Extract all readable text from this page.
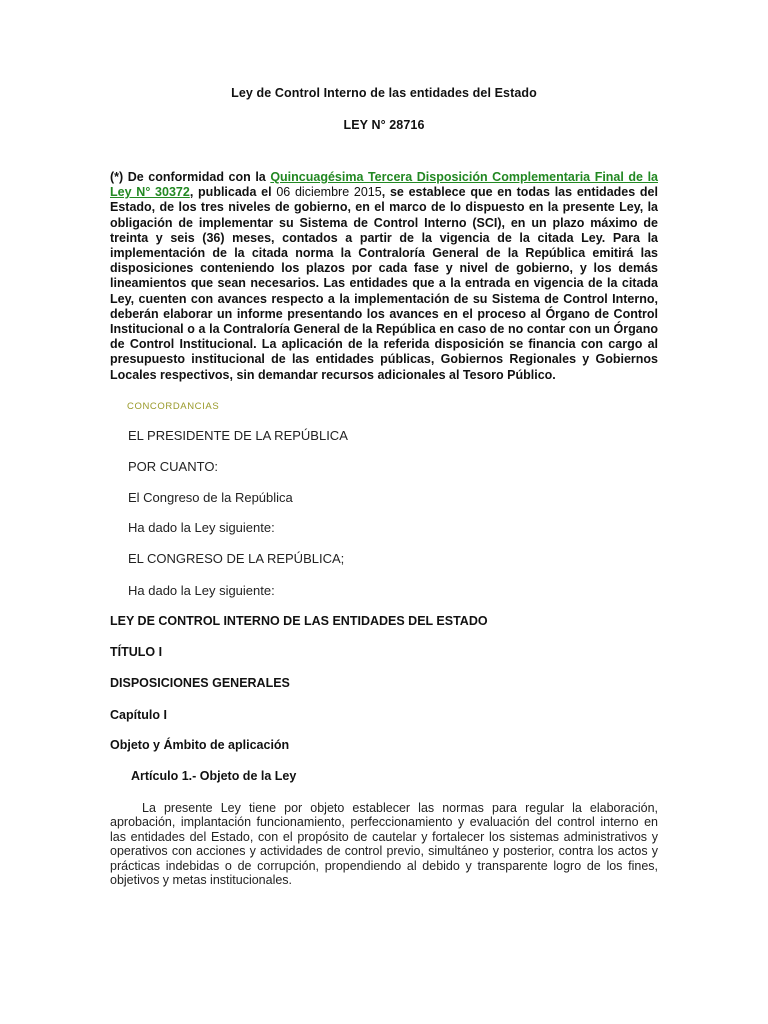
Ley de Control Interno de las entidades del Estado
LEY N° 28716

(*) De conformidad con la Quincuagésima Tercera Disposición Complementaria Final de la Ley N° 30372, publicada el 06 diciembre 2015, se establece que en todas las entidades del Estado, de los tres niveles de gobierno, en el marco de lo dispuesto en la presente Ley, la obligación de implementar su Sistema de Control Interno (SCI), en un plazo máximo de treinta y seis (36) meses, contados a partir de la vigencia de la citada Ley. Para la implementación de la citada norma la Contraloría General de la República emitirá las disposiciones conteniendo los plazos por cada fase y nivel de gobierno, y los demás lineamientos que sean necesarios. Las entidades que a la entrada en vigencia de la citada Ley, cuenten con avances respecto a la implementación de su Sistema de Control Interno, deberán elaborar un informe presentando los avances en el proceso al Órgano de Control Institucional o a la Contraloría General de la República en caso de no contar con un Órgano de Control Institucional. La aplicación de la referida disposición se financia con cargo al presupuesto institucional de las entidades públicas, Gobiernos Regionales y Gobiernos Locales respectivos, sin demandar recursos adicionales al Tesoro Público.

CONCORDANCIAS
EL PRESIDENTE DE LA REPÚBLICA
POR CUANTO:
El Congreso de la República
Ha dado la Ley siguiente:
EL CONGRESO DE LA REPÚBLICA;
Ha dado la Ley siguiente:
LEY DE CONTROL INTERNO DE LAS ENTIDADES DEL ESTADO
TÍTULO I
DISPOSICIONES GENERALES
Capítulo I
Objeto y Ámbito de aplicación
Artículo 1.- Objeto de la Ley

La presente Ley tiene por objeto establecer las normas para regular la elaboración, aprobación, implantación funcionamiento, perfeccionamiento y evaluación del control interno en las entidades del Estado, con el propósito de cautelar y fortalecer los sistemas administrativos y operativos con acciones y actividades de control previo, simultáneo y posterior, contra los actos y prácticas indebidas o de corrupción, propendiendo al debido y transparente logro de los fines, objetivos y metas institucionales.
